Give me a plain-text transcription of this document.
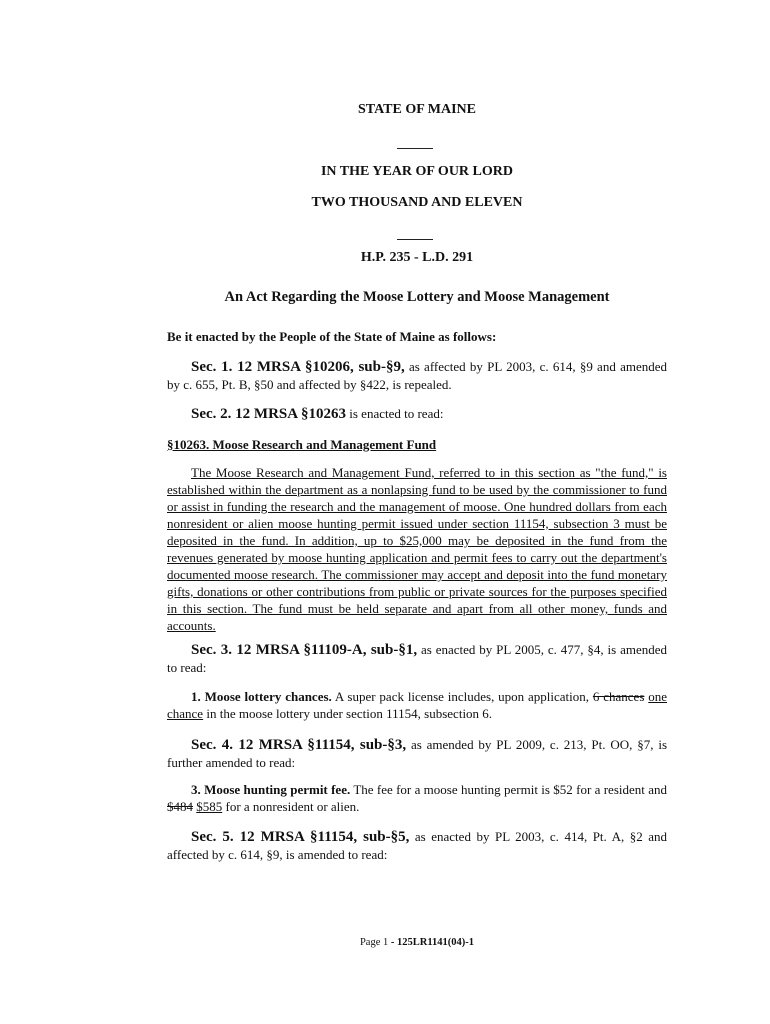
STATE OF MAINE
IN THE YEAR OF OUR LORD
TWO THOUSAND AND ELEVEN
H.P. 235 - L.D. 291
An Act Regarding the Moose Lottery and Moose Management
Be it enacted by the People of the State of Maine as follows:
Sec. 1. 12 MRSA §10206, sub-§9, as affected by PL 2003, c. 614, §9 and amended by c. 655, Pt. B, §50 and affected by §422, is repealed.
Sec. 2. 12 MRSA §10263 is enacted to read:
§10263. Moose Research and Management Fund
The Moose Research and Management Fund, referred to in this section as "the fund," is established within the department as a nonlapsing fund to be used by the commissioner to fund or assist in funding the research and the management of moose. One hundred dollars from each nonresident or alien moose hunting permit issued under section 11154, subsection 3 must be deposited in the fund. In addition, up to $25,000 may be deposited in the fund from the revenues generated by moose hunting application and permit fees to carry out the department's documented moose research. The commissioner may accept and deposit into the fund monetary gifts, donations or other contributions from public or private sources for the purposes specified in this section. The fund must be held separate and apart from all other money, funds and accounts.
Sec. 3. 12 MRSA §11109-A, sub-§1, as enacted by PL 2005, c. 477, §4, is amended to read:
1. Moose lottery chances. A super pack license includes, upon application, 6 chances one chance in the moose lottery under section 11154, subsection 6.
Sec. 4. 12 MRSA §11154, sub-§3, as amended by PL 2009, c. 213, Pt. OO, §7, is further amended to read:
3. Moose hunting permit fee. The fee for a moose hunting permit is $52 for a resident and $484 $585 for a nonresident or alien.
Sec. 5. 12 MRSA §11154, sub-§5, as enacted by PL 2003, c. 414, Pt. A, §2 and affected by c. 614, §9, is amended to read:
Page 1 - 125LR1141(04)-1
